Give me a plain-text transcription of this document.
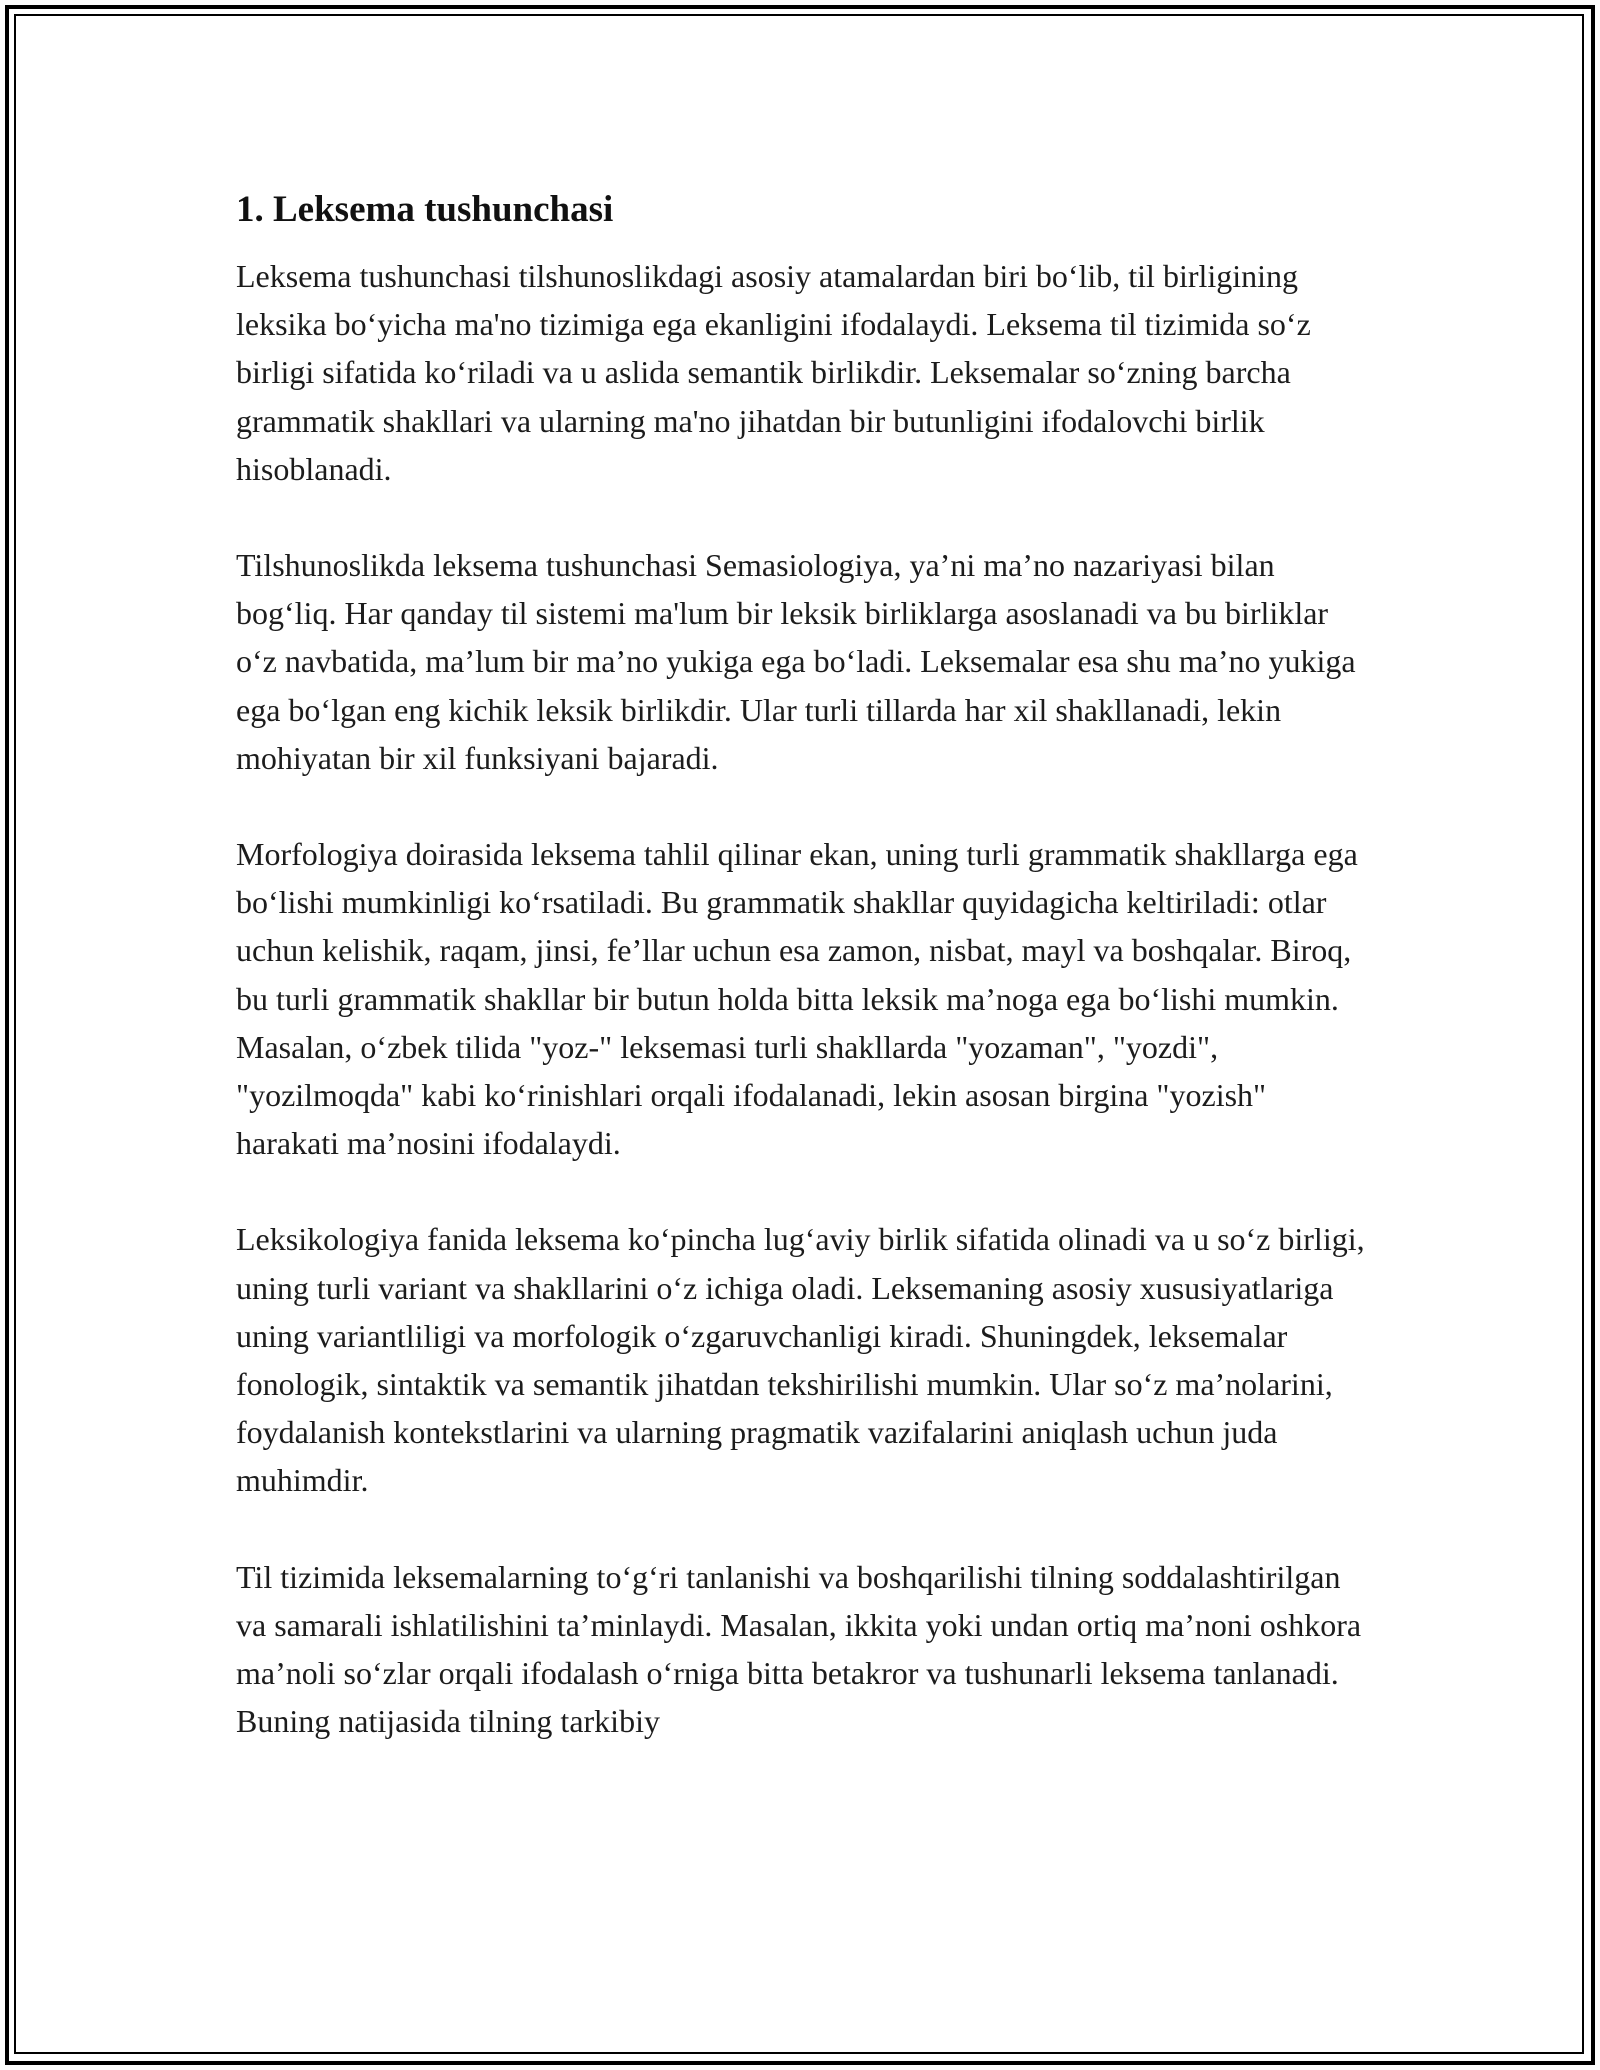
1. Leksema tushunchasi

Leksema tushunchasi tilshunoslikdagi asosiy atamalardan biri bo‘lib, til birligining leksika bo‘yicha ma'no tizimiga ega ekanligini ifodalaydi. Leksema til tizimida so‘z birligi sifatida ko‘riladi va u aslida semantik birlikdir. Leksemalar so‘zning barcha grammatik shakllari va ularning ma'no jihatdan bir butunligini ifodalovchi birlik hisoblanadi.

Tilshunoslikda leksema tushunchasi Semasiologiya, ya’ni ma’no nazariyasi bilan bog‘liq. Har qanday til sistemi ma'lum bir leksik birliklarga asoslanadi va bu birliklar o‘z navbatida, ma’lum bir ma’no yukiga ega bo‘ladi. Leksemalar esa shu ma’no yukiga ega bo‘lgan eng kichik leksik birlikdir. Ular turli tillarda har xil shakllanadi, lekin mohiyatan bir xil funksiyani bajaradi.

Morfologiya doirasida leksema tahlil qilinar ekan, uning turli grammatik shakllarga ega bo‘lishi mumkinligi ko‘rsatiladi. Bu grammatik shakllar quyidagicha keltiriladi: otlar uchun kelishik, raqam, jinsi, fe’llar uchun esa zamon, nisbat, mayl va boshqalar. Biroq, bu turli grammatik shakllar bir butun holda bitta leksik ma’noga ega bo‘lishi mumkin. Masalan, o‘zbek tilida "yoz-" leksemasi turli shakllarda "yozaman", "yozdi", "yozilmoqda" kabi ko‘rinishlari orqali ifodalanadi, lekin asosan birgina "yozish" harakati ma’nosini ifodalaydi.

Leksikologiya fanida leksema ko‘pincha lug‘aviy birlik sifatida olinadi va u so‘z birligi, uning turli variant va shakllarini o‘z ichiga oladi. Leksemaning asosiy xususiyatlariga uning variantliligi va morfologik o‘zgaruvchanligi kiradi. Shuningdek, leksemalar fonologik, sintaktik va semantik jihatdan tekshirilishi mumkin. Ular so‘z ma’nolarini, foydalanish kontekstlarini va ularning pragmatik vazifalarini aniqlash uchun juda muhimdir.

Til tizimida leksemalarning to‘g‘ri tanlanishi va boshqarilishi tilning soddalashtirilgan va samarali ishlatilishini ta’minlaydi. Masalan, ikkita yoki undan ortiq ma’noni oshkora ma’noli so‘zlar orqali ifodalash o‘rniga bitta betakror va tushunarli leksema tanlanadi. Buning natijasida tilning tarkibiy
